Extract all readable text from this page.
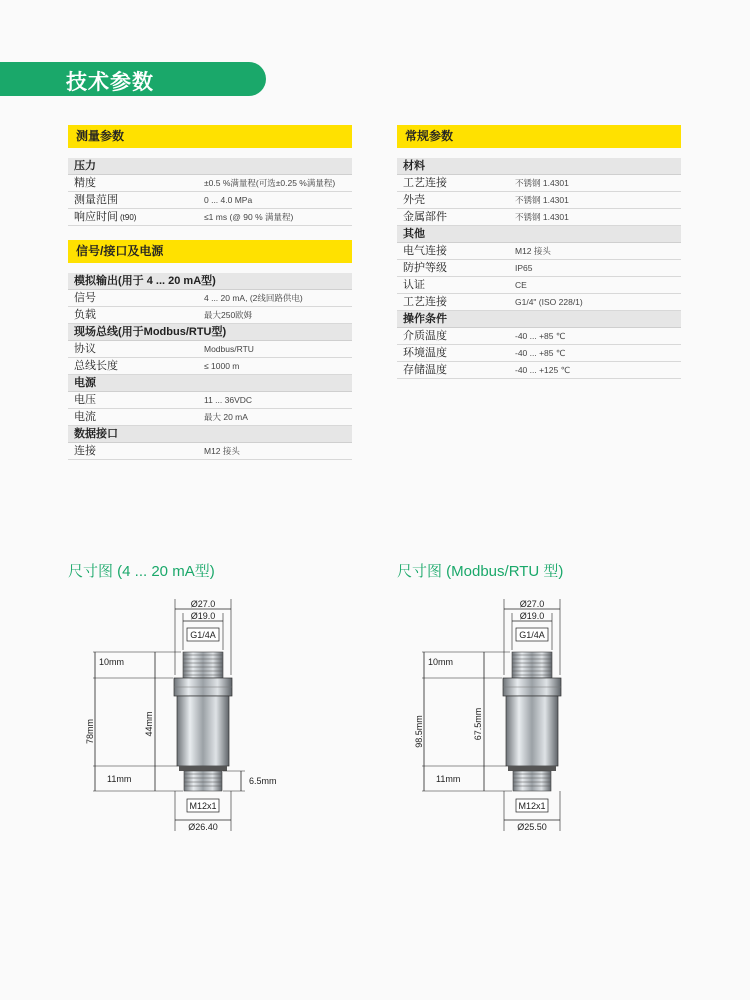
技术参数
测量参数
压力
精度	±0.5 %满量程(可选±0.25 %满量程)
测量范围	0 ... 4.0 MPa
响应时间 (t90)	≤1 ms (@ 90 % 满量程)
信号/接口及电源
模拟输出(用于 4 ... 20 mA型)
信号	4 ... 20 mA, (2线回路供电)
负载	最大250欧姆
现场总线(用于Modbus/RTU型)
协议	Modbus/RTU
总线长度	≤ 1000 m
电源
电压	11 ... 36VDC
电流	最大 20 mA
数据接口
连接	M12 接头
常规参数
材料
工艺连接	不锈钢 1.4301
外壳	不锈钢 1.4301
金属部件	不锈钢 1.4301
其他
电气连接	M12 接头
防护等级	IP65
认证	CE
工艺连接	G1/4" (ISO 228/1)
操作条件
介质温度	-40 ... +85 ℃
环境温度	-40 ... +85 ℃
存储温度	-40 ... +125 ℃
尺寸图 (4 ... 20 mA型)	尺寸图 (Modbus/RTU 型)
Ø27.0
Ø19.0
G1/4A
10mm
78mm	44mm
11mm	6.5mm
M12x1
Ø26.40
Ø27.0
Ø19.0
G1/4A
10mm
98.5mm	67.5mm
11mm
M12x1
Ø25.50
